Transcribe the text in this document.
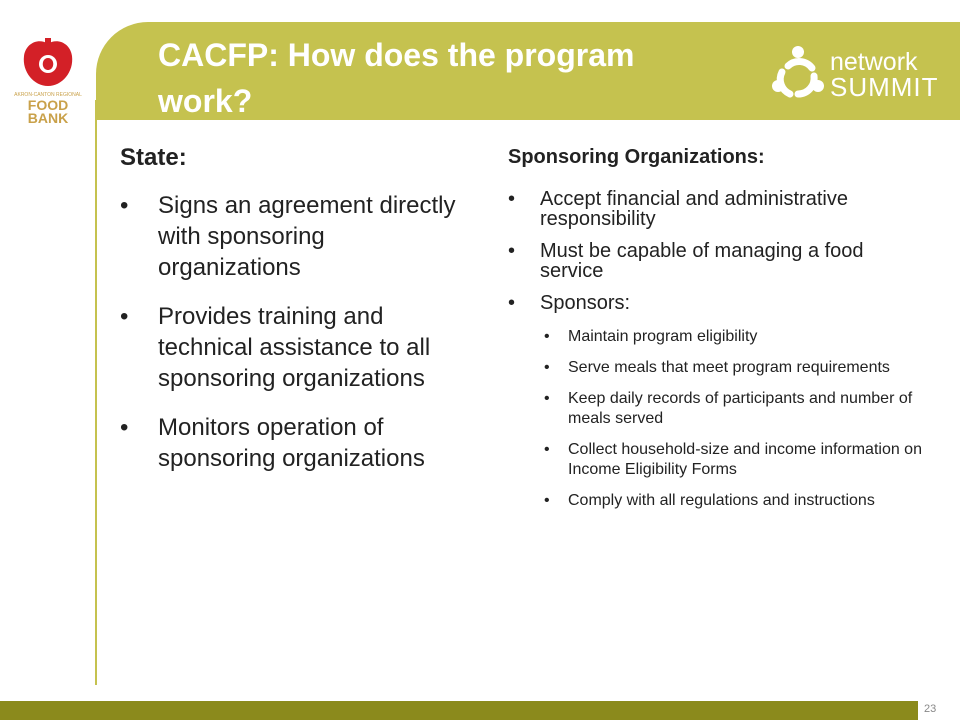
AKRON-CANTON REGIONAL
FOOD
BANK
CACFP: How does the program work?
network
SUMMIT
State:
• Signs an agreement directly with sponsoring organizations
• Provides training and technical assistance to all sponsoring organizations
• Monitors operation of sponsoring organizations
Sponsoring Organizations:
• Accept financial and administrative responsibility
• Must be capable of managing a food service
• Sponsors:
• Maintain program eligibility
• Serve meals that meet program requirements
• Keep daily records of participants and number of meals served
• Collect household-size and income information on Income Eligibility Forms
• Comply with all regulations and instructions
23
